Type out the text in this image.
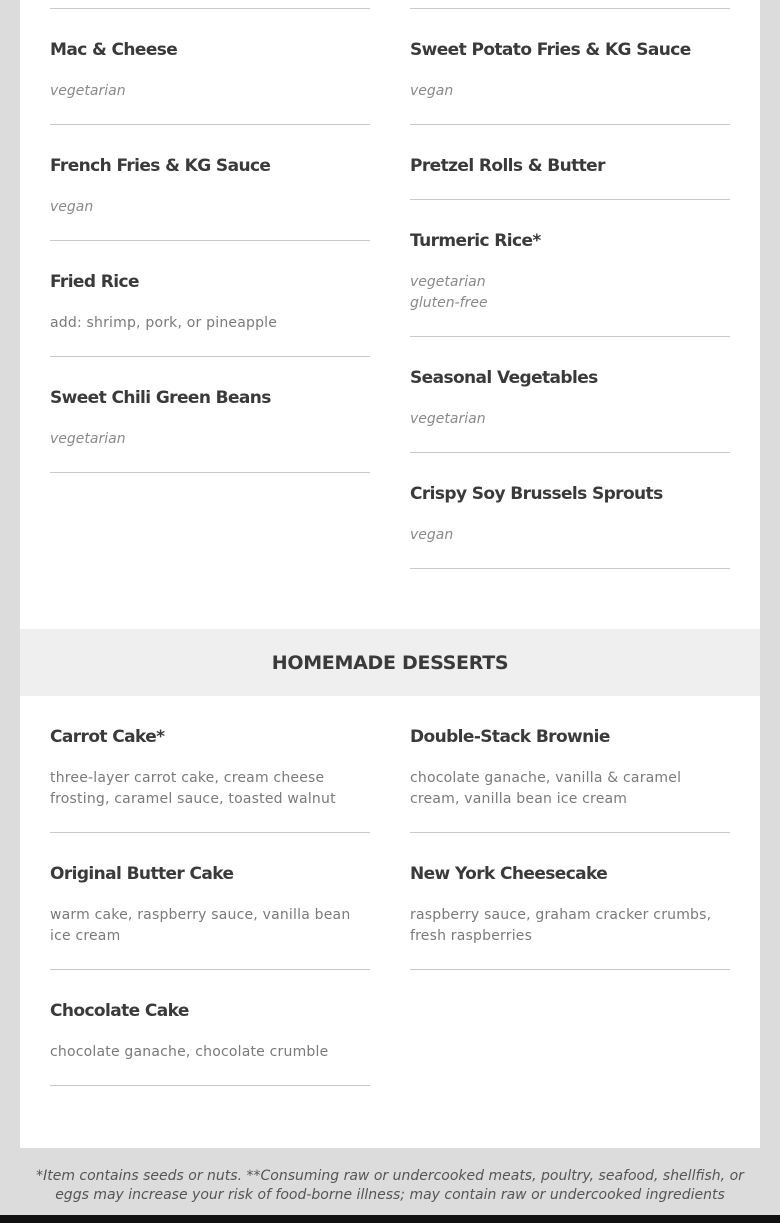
Mac & Cheese
vegetarian
French Fries & KG Sauce
vegan
Fried Rice
add: shrimp, pork, or pineapple
Sweet Chili Green Beans
vegetarian
Sweet Potato Fries & KG Sauce
vegan
Pretzel Rolls & Butter
Turmeric Rice*
vegetarian
gluten-free
Seasonal Vegetables
vegetarian
Crispy Soy Brussels Sprouts
vegan
HOMEMADE DESSERTS
Carrot Cake*
three-layer carrot cake, cream cheese frosting, caramel sauce, toasted walnut
Original Butter Cake
warm cake, raspberry sauce, vanilla bean ice cream
Chocolate Cake
chocolate ganache, chocolate crumble
Double-Stack Brownie
chocolate ganache, vanilla & caramel cream, vanilla bean ice cream
New York Cheesecake
raspberry sauce, graham cracker crumbs, fresh raspberries
*Item contains seeds or nuts. **Consuming raw or undercooked meats, poultry, seafood, shellfish, or eggs may increase your risk of food-borne illness; may contain raw or undercooked ingredients
